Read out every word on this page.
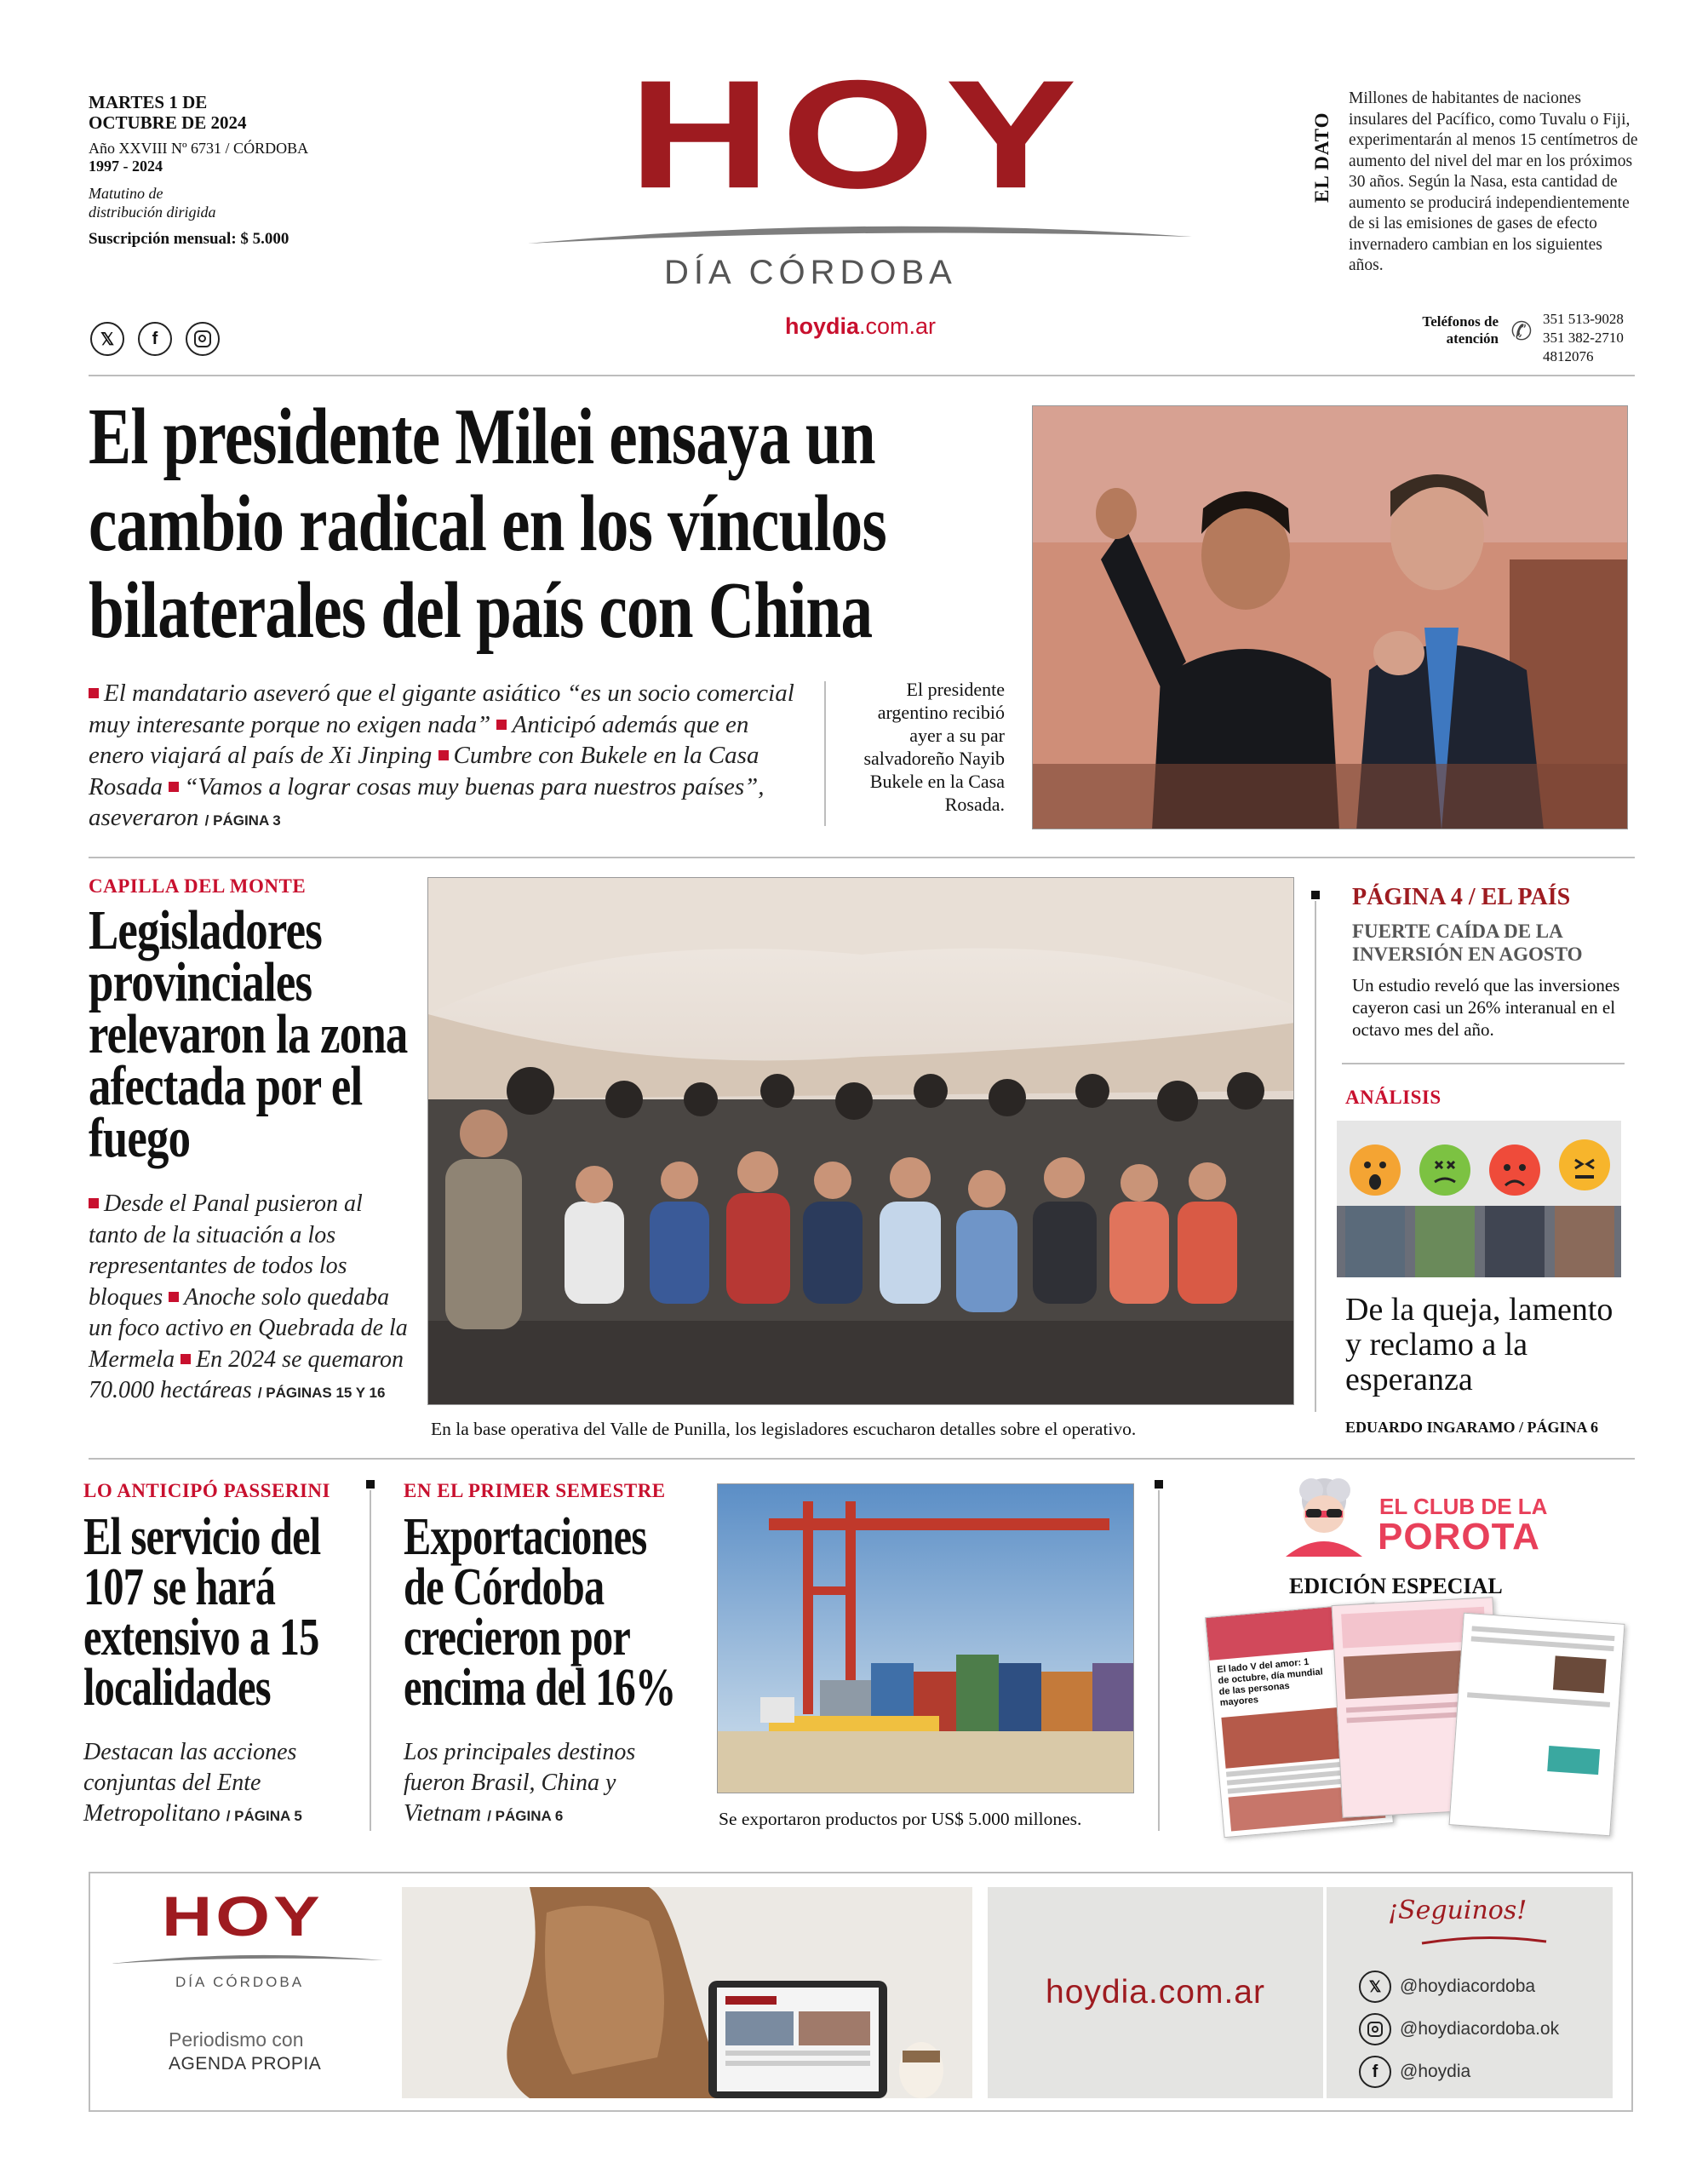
MARTES 1 DE OCTUBRE DE 2024
Año XXVIII Nº 6731 / CÓRDOBA
1997 - 2024
Matutino de distribución dirigida
Suscripción mensual: $ 5.000
𝕏	f
HOY
DÍA CÓRDOBA
hoydia.com.ar
EL DATO
Millones de habitantes de naciones insulares del Pacífico, como Tuvalu o Fiji, experimentarán al menos 15 centímetros de aumento del nivel del mar en los próximos 30 años. Según la Nasa, esta cantidad de aumento se producirá independientemente de si las emisiones de gases de efecto invernadero cambian en los siguientes años.
Teléfonos de atención ✆ 351 513-9028
351 382-2710
4812076
El presidente Milei ensaya un cambio radical en los vínculos bilaterales del país con China

El mandatario aseveró que el gigante asiático “es un socio comercial muy interesante porque no exigen nada” Anticipó además que en enero viajará al país de Xi Jinping Cumbre con Bukele en la Casa Rosada “Vamos a lograr cosas muy buenas para nuestros países”, aseveraron / PÁGINA 3

El presidente argentino recibió ayer a su par salvadoreño Nayib Bukele en la Casa Rosada.
CAPILLA DEL MONTE
Legisladores provinciales relevaron la zona afectada por el fuego

Desde el Panal pusieron al tanto de la situación a los representantes de todos los bloques Anoche solo quedaba un foco activo en Quebrada de la Mermela En 2024 se quemaron 70.000 hectáreas / PÁGINAS 15 Y 16

En la base operativa del Valle de Punilla, los legisladores escucharon detalles sobre el operativo.
PÁGINA 4 / EL PAÍS
FUERTE CAÍDA DE LA INVERSIÓN EN AGOSTO
Un estudio reveló que las inversiones cayeron casi un 26% interanual en el octavo mes del año.
ANÁLISIS
De la queja, lamento y reclamo a la esperanza
EDUARDO INGARAMO / PÁGINA 6
LO ANTICIPÓ PASSERINI
El servicio del 107 se hará extensivo a 15 localidades

Destacan las acciones conjuntas del Ente Metropolitano / PÁGINA 5

EN EL PRIMER SEMESTRE
Exportaciones de Córdoba crecieron por encima del 16%

Los principales destinos fueron Brasil, China y Vietnam / PÁGINA 6	Se exportaron productos por US$ 5.000 millones.
EL CLUB DE LA
POROTA
EDICIÓN ESPECIAL
El lado V del amor: 1 de octubre, día mundial de las personas mayores
HOY
DÍA CÓRDOBA
Periodismo con
AGENDA PROPIA
hoydia.com.ar
¡Seguinos!
𝕏	@hoydiacordoba
@hoydiacordoba.ok
f	@hoydia
